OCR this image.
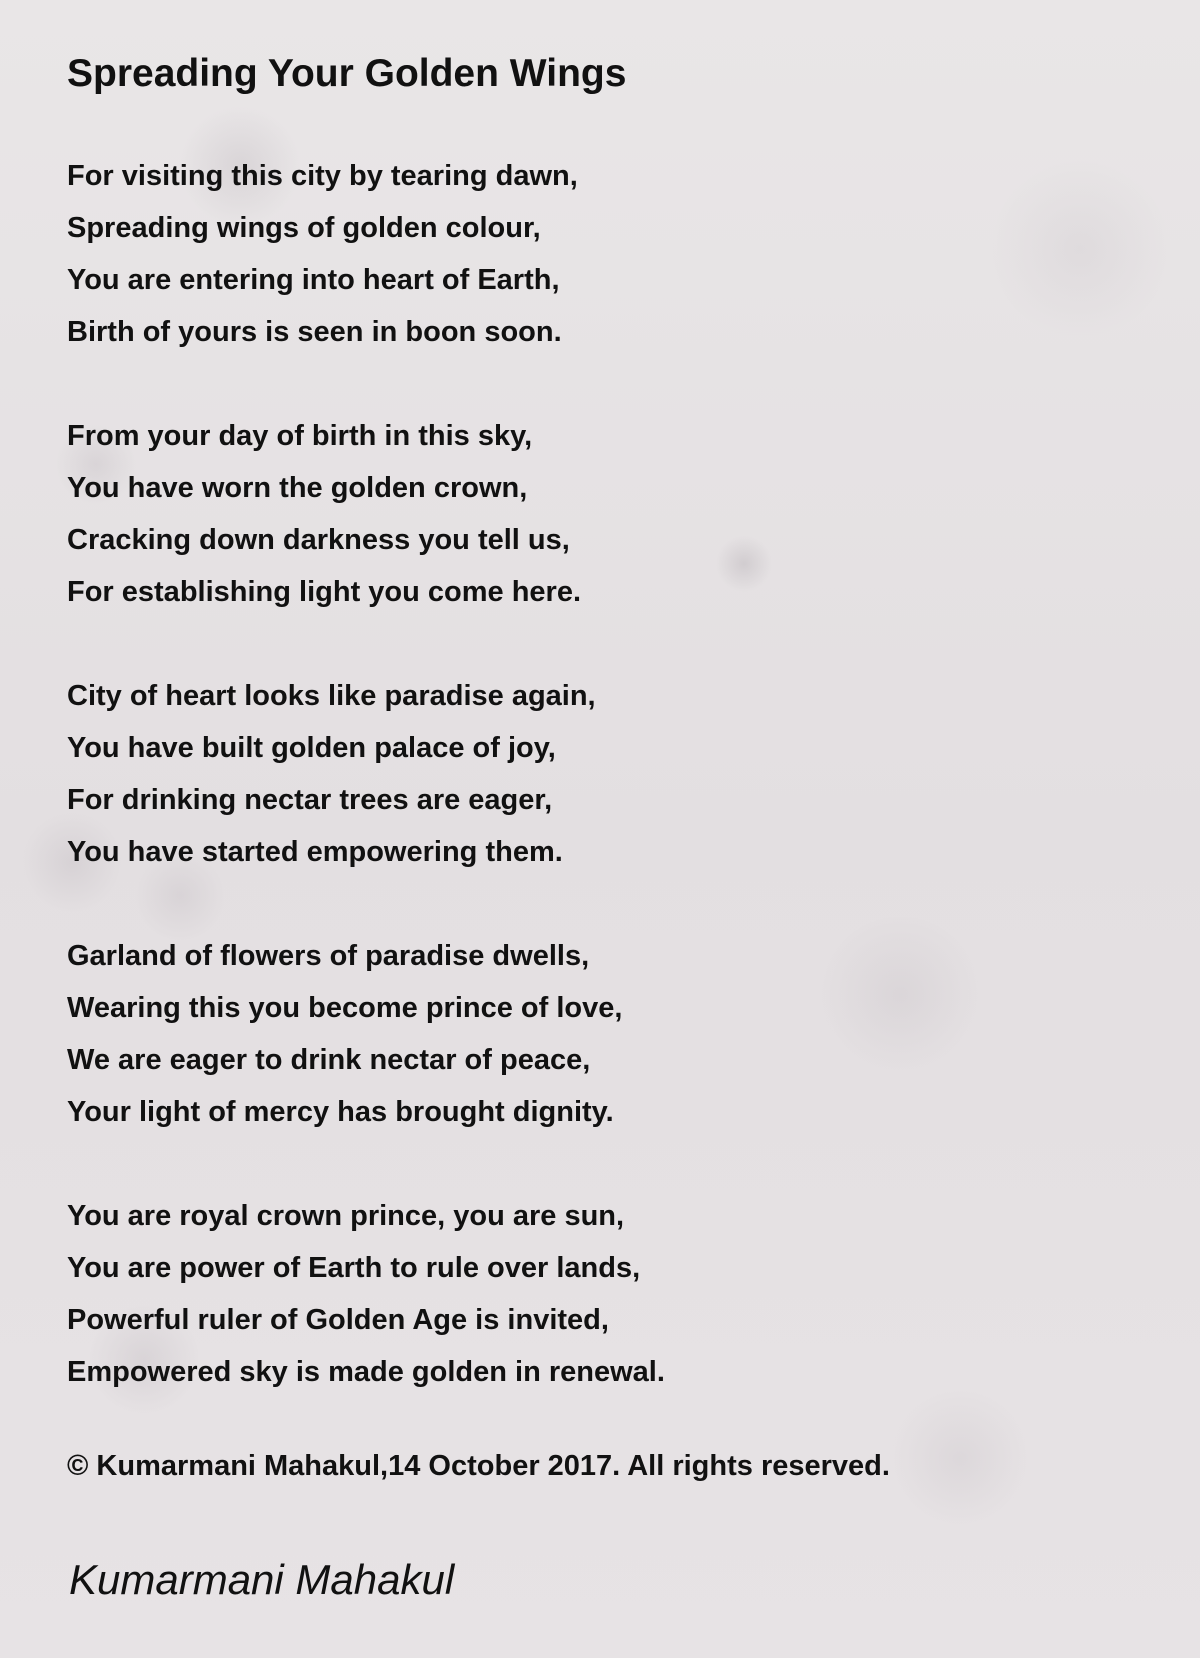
Spreading Your Golden Wings
For visiting this city by tearing dawn,
Spreading wings of golden colour,
You are entering into heart of Earth,
Birth of yours is seen in boon soon.
From your day of birth in this sky,
You have worn the golden crown,
Cracking down darkness you tell us,
For establishing light you come here.
City of heart looks like paradise again,
You have built golden palace of joy,
For drinking nectar trees are eager,
You have started empowering them.
Garland of flowers of paradise dwells,
Wearing this you become prince of love,
We are eager to drink nectar of peace,
Your light of mercy has brought dignity.
You are royal crown prince, you are sun,
You are power of Earth to rule over lands,
Powerful ruler of Golden Age is invited,
Empowered sky is made golden in renewal.
© Kumarmani Mahakul,14 October 2017. All rights reserved.
Kumarmani Mahakul
